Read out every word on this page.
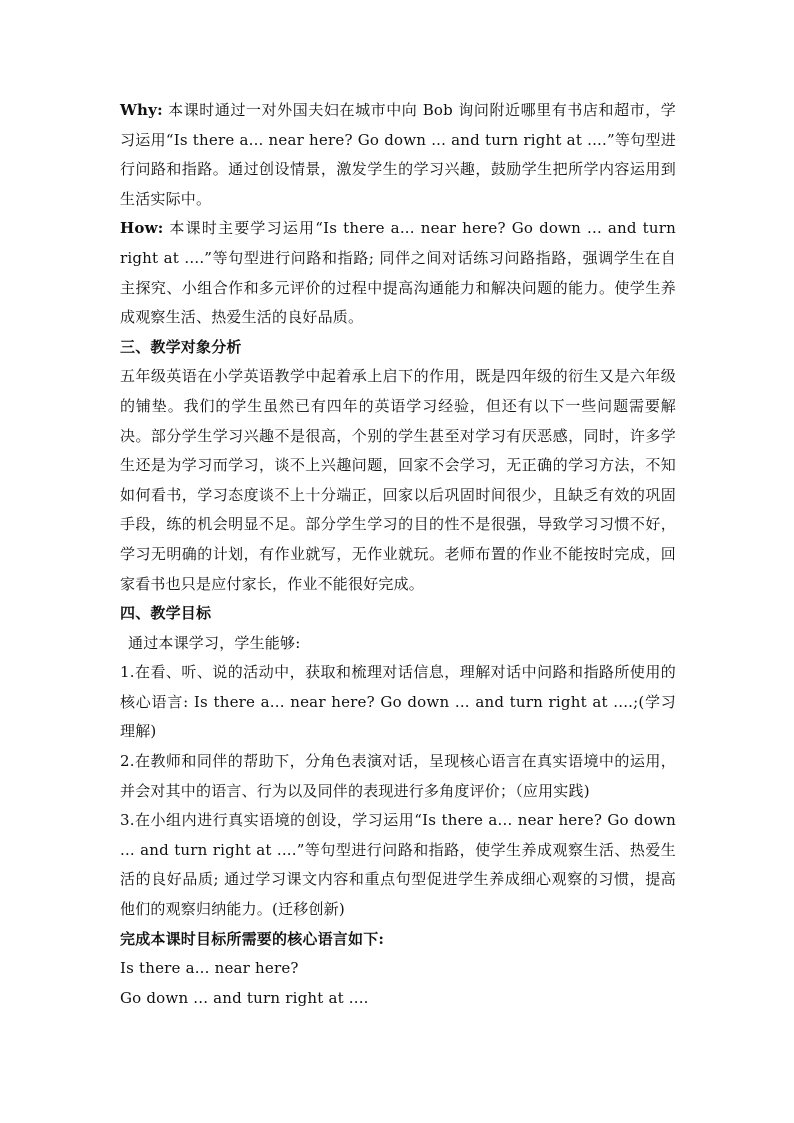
Why: 本课时通过一对外国夫妇在城市中向 Bob 询问附近哪里有书店和超市，学习运用“Is there a... near here? Go down ... and turn right at ....”等句型进行问路和指路。通过创设情景，激发学生的学习兴趣，鼓励学生把所学内容运用到生活实际中。

How: 本课时主要学习运用“Is there a... near here? Go down ... and turn right at ....”等句型进行问路和指路; 同伴之间对话练习问路指路，强调学生在自主探究、小组合作和多元评价的过程中提高沟通能力和解决问题的能力。使学生养成观察生活、热爱生活的良好品质。

三、教学对象分析

五年级英语在小学英语教学中起着承上启下的作用，既是四年级的衍生又是六年级的铺垫。我们的学生虽然已有四年的英语学习经验，但还有以下一些问题需要解决。部分学生学习兴趣不是很高，个别的学生甚至对学习有厌恶感，同时，许多学生还是为学习而学习，谈不上兴趣问题，回家不会学习，无正确的学习方法，不知如何看书，学习态度谈不上十分端正，回家以后巩固时间很少，且缺乏有效的巩固手段，练的机会明显不足。部分学生学习的目的性不是很强，导致学习习惯不好，学习无明确的计划，有作业就写，无作业就玩。老师布置的作业不能按时完成，回家看书也只是应付家长，作业不能很好完成。

四、教学目标

通过本课学习，学生能够:

1.在看、听、说的活动中，获取和梳理对话信息，理解对话中问路和指路所使用的核心语言: Is there a... near here? Go down ... and turn right at ....;(学习理解)

2.在教师和同伴的帮助下，分角色表演对话，呈现核心语言在真实语境中的运用，并会对其中的语言、行为以及同伴的表现进行多角度评价；（应用实践)

3.在小组内进行真实语境的创设，学习运用“Is there a... near here? Go down ... and turn right at ....”等句型进行问路和指路，使学生养成观察生活、热爱生活的良好品质; 通过学习课文内容和重点句型促进学生养成细心观察的习惯，提高他们的观察归纳能力。(迁移创新)

完成本课时目标所需要的核心语言如下:

Is there a... near here?

Go down ... and turn right at ....
